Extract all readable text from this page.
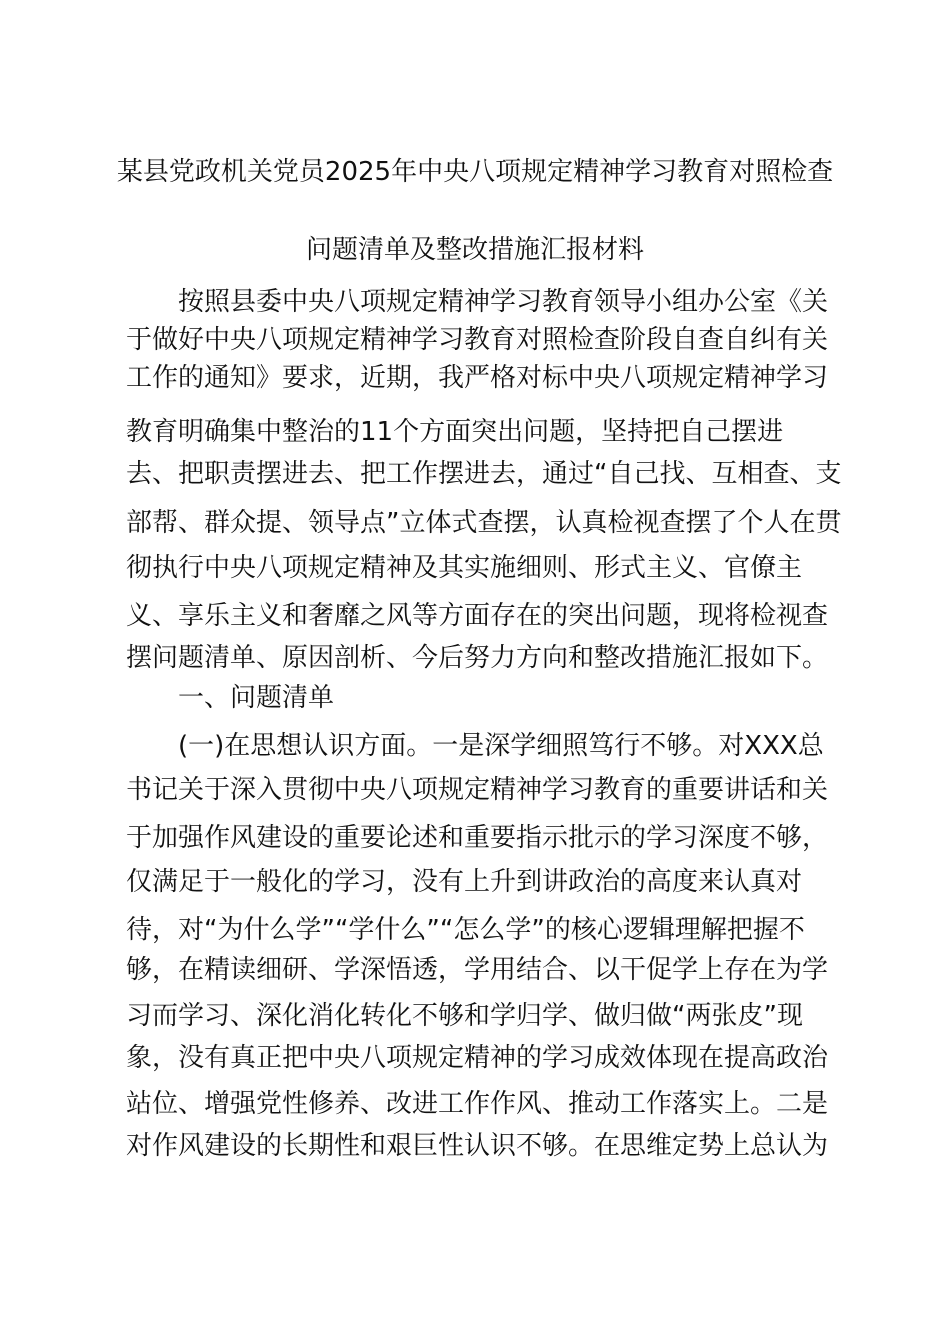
某县党政机关党员2025年中央八项规定精神学习教育对照检查
问题清单及整改措施汇报材料
按照县委中央八项规定精神学习教育领导小组办公室《关
于做好中央八项规定精神学习教育对照检查阶段自查自纠有关
工作的通知》要求，近期，我严格对标中央八项规定精神学习
教育明确集中整治的11个方面突出问题，坚持把自己摆进
去、把职责摆进去、把工作摆进去，通过“自己找、互相查、支
部帮、群众提、领导点”立体式查摆，认真检视查摆了个人在贯
彻执行中央八项规定精神及其实施细则、形式主义、官僚主
义、享乐主义和奢靡之风等方面存在的突出问题，现将检视查
摆问题清单、原因剖析、今后努力方向和整改措施汇报如下。
一、问题清单
(一)在思想认识方面。一是深学细照笃行不够。对XXX总
书记关于深入贯彻中央八项规定精神学习教育的重要讲话和关
于加强作风建设的重要论述和重要指示批示的学习深度不够，
仅满足于一般化的学习，没有上升到讲政治的高度来认真对
待，对“为什么学”“学什么”“怎么学”的核心逻辑理解把握不
够，在精读细研、学深悟透，学用结合、以干促学上存在为学
习而学习、深化消化转化不够和学归学、做归做“两张皮”现
象，没有真正把中央八项规定精神的学习成效体现在提高政治
站位、增强党性修养、改进工作作风、推动工作落实上。二是
对作风建设的长期性和艰巨性认识不够。在思维定势上总认为
